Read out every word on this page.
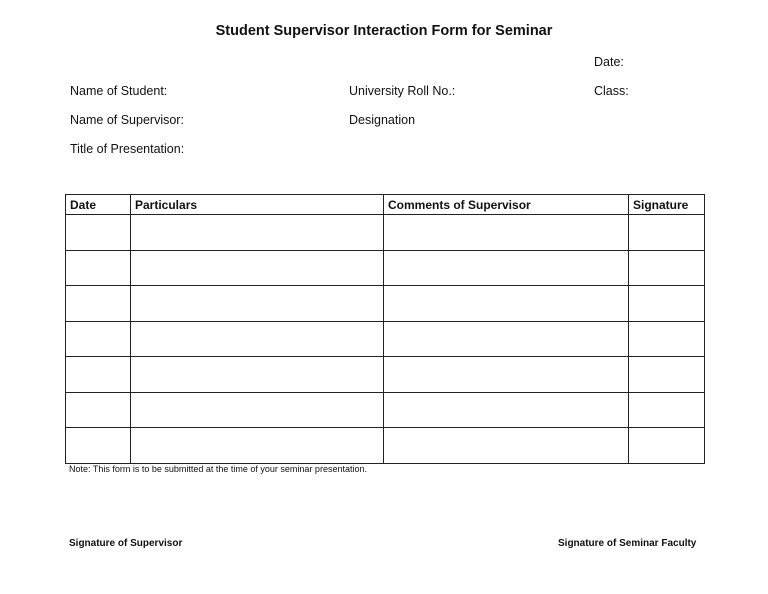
Student Supervisor Interaction Form for Seminar
Date:
Name of Student:	University Roll No.:	Class:
Name of Supervisor:	Designation
Title of Presentation:
Date	Particulars	Comments of Supervisor	Signature

Note: This form is to be submitted at the time of your seminar presentation.
Signature of Supervisor	Signature of Seminar Faculty
